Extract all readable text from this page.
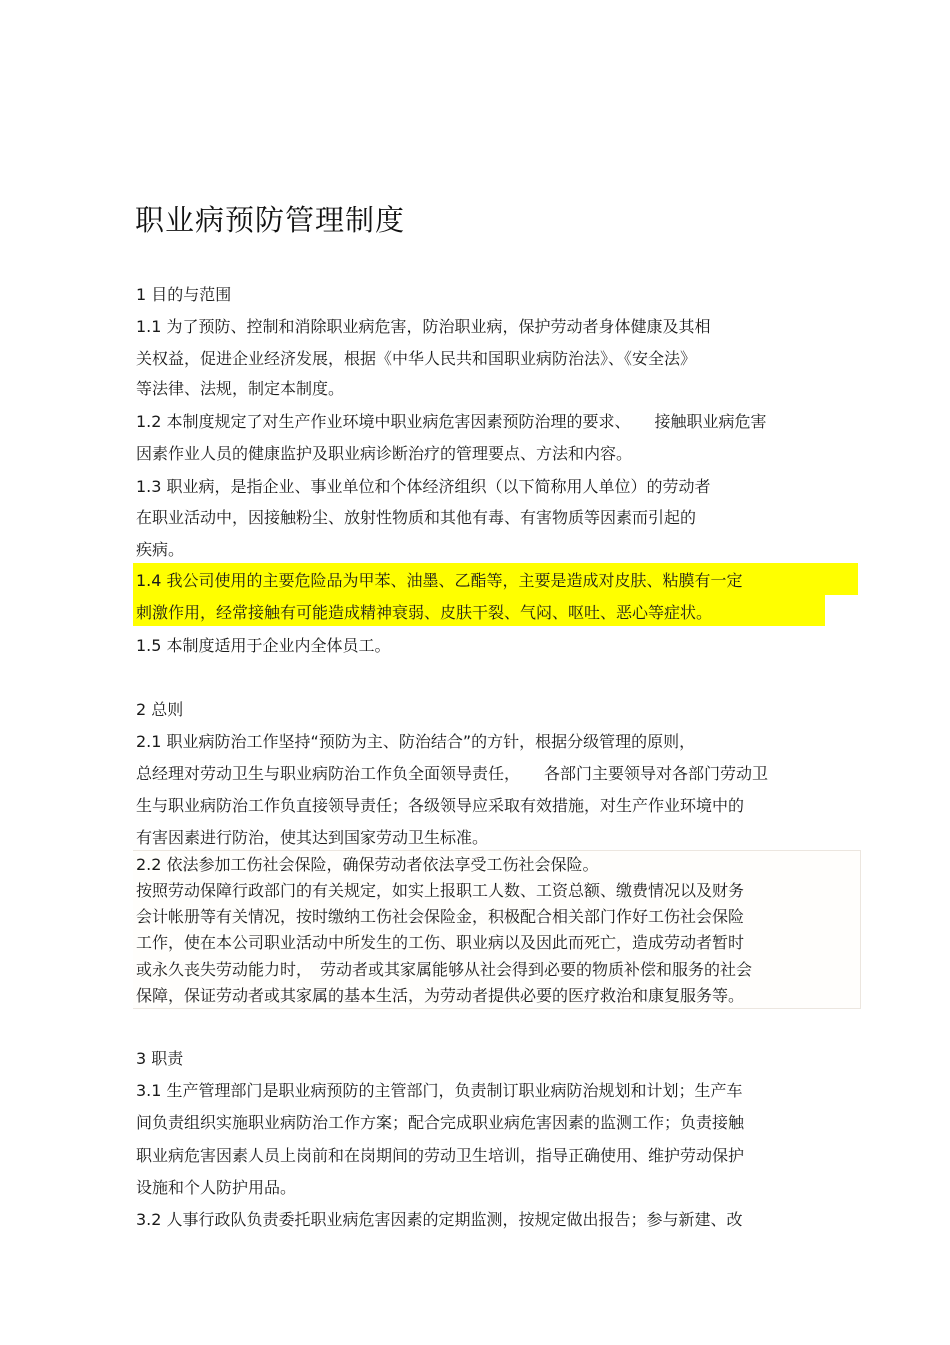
职业病预防管理制度
1 目的与范围
1.1 为了预防、控制和消除职业病危害，防治职业病，保护劳动者身体健康及其相
关权益，促进企业经济发展，根据《中华人民共和国职业病防治法》、《安全法》
等法律、法规，制定本制度。
1.2 本制度规定了对生产作业环境中职业病危害因素预防治理的要求、　　接触职业病危害
因素作业人员的健康监护及职业病诊断治疗的管理要点、方法和内容。
1.3 职业病，是指企业、事业单位和个体经济组织（以下简称用人单位）的劳动者
在职业活动中，因接触粉尘、放射性物质和其他有毒、有害物质等因素而引起的
疾病。
1.4 我公司使用的主要危险品为甲苯、油墨、乙酯等，主要是造成对皮肤、粘膜有一定
刺激作用，经常接触有可能造成精神衰弱、皮肤干裂、气闷、呕吐、恶心等症状。
1.5 本制度适用于企业内全体员工。
2 总则
2.1 职业病防治工作坚持“预防为主、防治结合”的方针，根据分级管理的原则，
总经理对劳动卫生与职业病防治工作负全面领导责任，　　各部门主要领导对各部门劳动卫
生与职业病防治工作负直接领导责任；各级领导应采取有效措施，对生产作业环境中的
有害因素进行防治，使其达到国家劳动卫生标准。
2.2 依法参加工伤社会保险，确保劳动者依法享受工伤社会保险。
按照劳动保障行政部门的有关规定，如实上报职工人数、工资总额、缴费情况以及财务
会计帐册等有关情况，按时缴纳工伤社会保险金，积极配合相关部门作好工伤社会保险
工作，使在本公司职业活动中所发生的工伤、职业病以及因此而死亡，造成劳动者暂时
或永久丧失劳动能力时，　劳动者或其家属能够从社会得到必要的物质补偿和服务的社会
保障，保证劳动者或其家属的基本生活，为劳动者提供必要的医疗救治和康复服务等。
3 职责
3.1 生产管理部门是职业病预防的主管部门，负责制订职业病防治规划和计划；生产车
间负责组织实施职业病防治工作方案；配合完成职业病危害因素的监测工作；负责接触
职业病危害因素人员上岗前和在岗期间的劳动卫生培训，指导正确使用、维护劳动保护
设施和个人防护用品。
3.2 人事行政队负责委托职业病危害因素的定期监测，按规定做出报告；参与新建、改
